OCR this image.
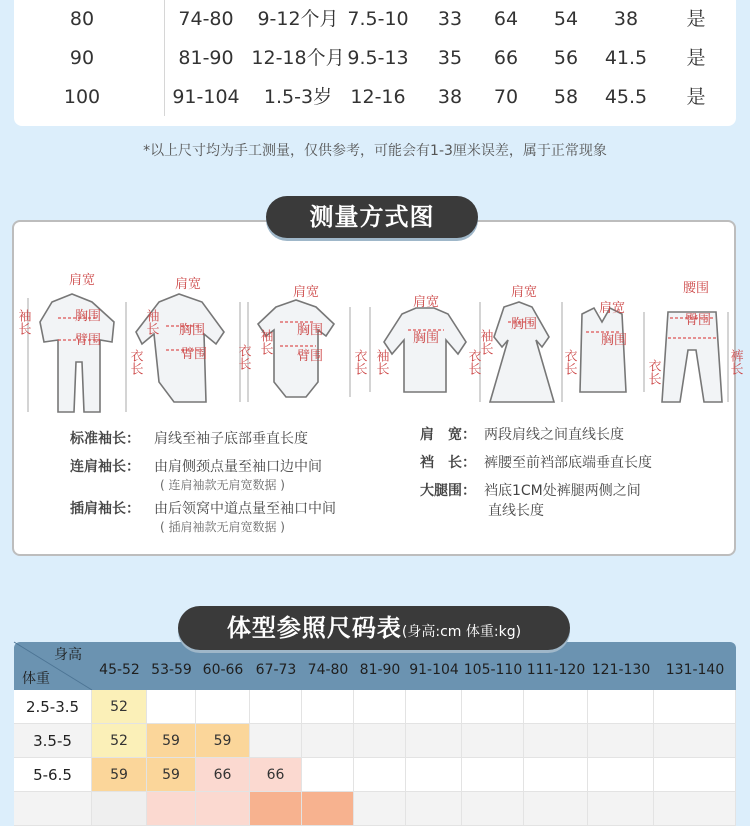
80	74-80 9-12个月 7.5-10 33 64 54 38	是
90	81-90 12-18个月 9.5-13 35 66 56 41.5 是
100	91-104 1.5-3岁 12-16 38 70 58 45.5 是
*以上尺寸均为手工测量，仅供参考，可能会有1-3厘米误差，属于正常现象
肩宽
胸围
臂围
肩宽
胸围
臂围
肩宽
胸围
臂围
肩宽
胸围
肩宽
胸围
肩宽
胸围
腰围
臀围
袖长
衣长
袖长
衣长
袖长
衣长 袖长	衣长
袖长
衣长	衣长	裤长
标准袖长： 肩线至袖子底部垂直长度
连肩袖长： 由肩侧颈点量至袖口边中间
( 连肩袖款无肩宽数据 )
插肩袖长： 由后领窝中道点量至袖口中间
( 插肩袖款无肩宽数据 )
肩　宽： 两段肩线之间直线长度
裆　长： 裤腰至前裆部底端垂直长度
大腿围： 裆底1CM处裤腿两侧之间
直线长度
测量方式图
身高
体重
45-52 53-59 60-66 67-73 74-80 81-90 91-104 105-110 111-120 121-130	131-140
2.5-3.5	52
3.5-5	52	59	59
5-6.5	59	59	66	66
体型参照尺码表(身高:cm 体重:kg)
